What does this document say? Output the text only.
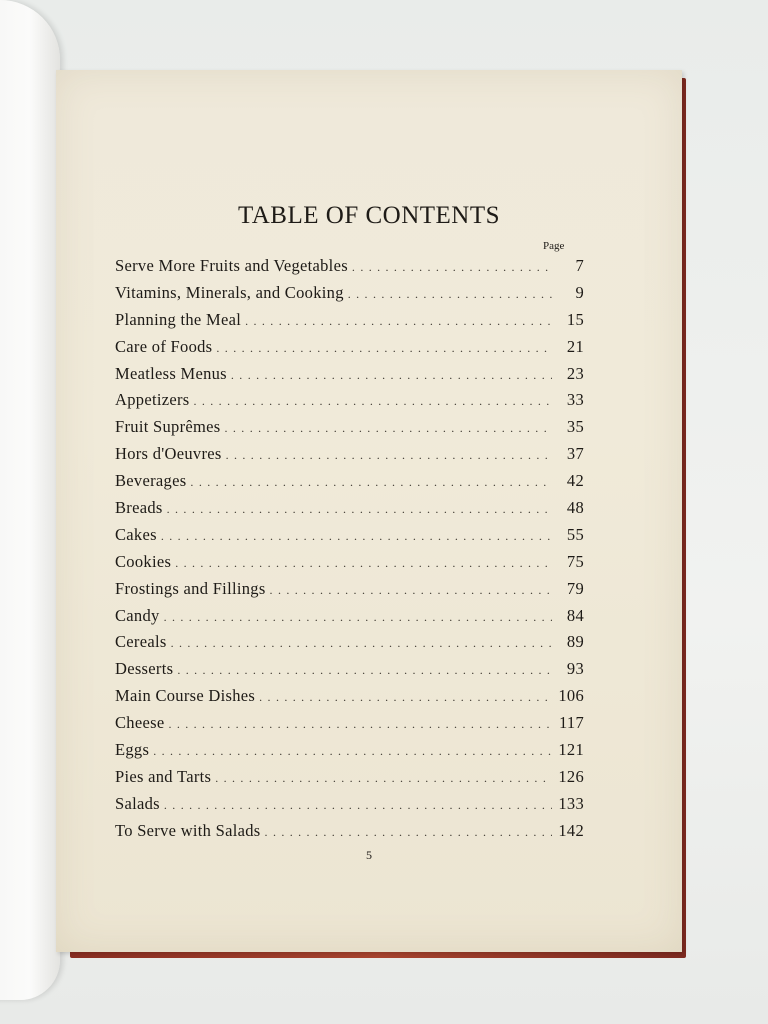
TABLE OF CONTENTS
Page
Serve More Fruits and Vegetables . . .	7
Vitamins, Minerals, and Cooking . . .	9
Planning the Meal . . .	15
Care of Foods . . .	21
Meatless Menus . . .	23
Appetizers . . .	33
Fruit Suprêmes . . .	35
Hors d'Oeuvres . . .	37
Beverages . . .	42
Breads . . .	48
Cakes . . .	55
Cookies . . .	75
Frostings and Fillings . . .	79
Candy . . .	84
Cereals . . .	89
Desserts . . .	93
Main Course Dishes . . .	106
Cheese . . .	117
Eggs . . .	121
Pies and Tarts . . .	126
Salads . . .	133
To Serve with Salads . . .	142
5
